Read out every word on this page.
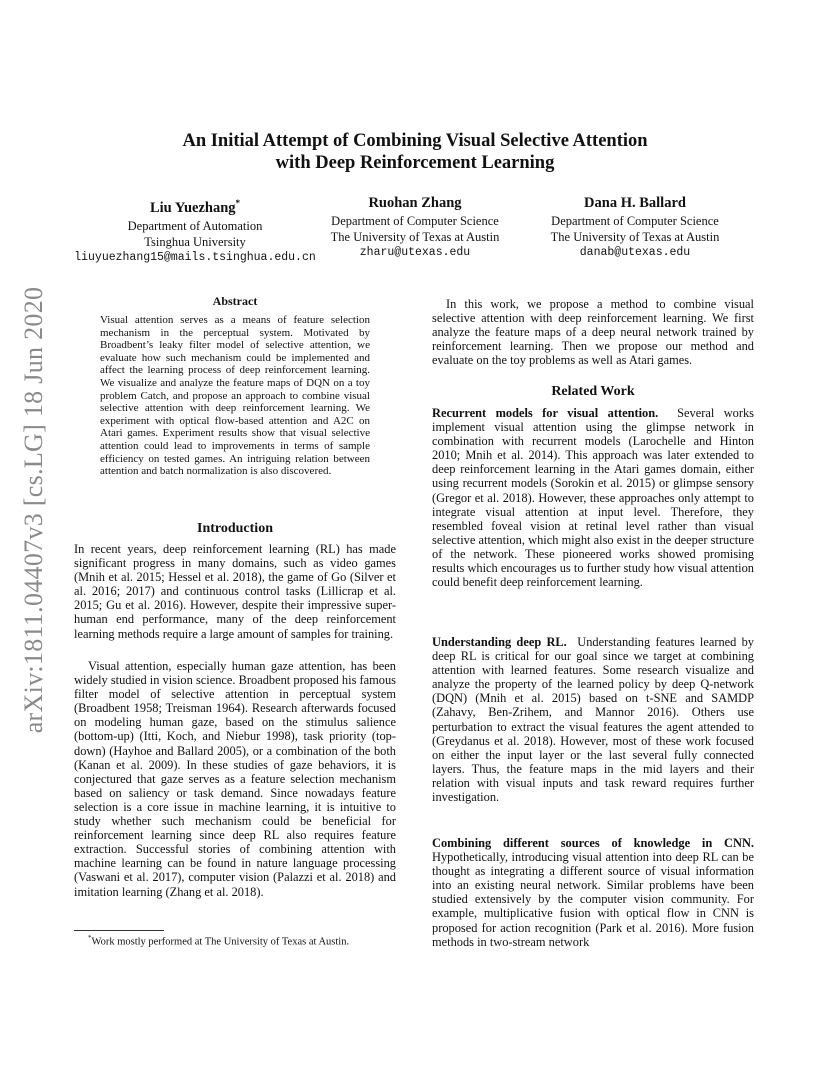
arXiv:1811.04407v3 [cs.LG] 18 Jun 2020
An Initial Attempt of Combining Visual Selective Attention
with Deep Reinforcement Learning
Liu Yuezhang*
Department of Automation
Tsinghua University
liuyuezhang15@mails.tsinghua.edu.cn
Ruohan Zhang
Department of Computer Science
The University of Texas at Austin
zharu@utexas.edu
Dana H. Ballard
Department of Computer Science
The University of Texas at Austin
danab@utexas.edu
Abstract

Visual attention serves as a means of feature selection mechanism in the perceptual system. Motivated by Broadbent’s leaky filter model of selective attention, we evaluate how such mechanism could be implemented and affect the learning process of deep reinforcement learning. We visualize and analyze the feature maps of DQN on a toy problem Catch, and propose an approach to combine visual selective attention with deep reinforcement learning. We experiment with optical flow-based attention and A2C on Atari games. Experiment results show that visual selective attention could lead to improvements in terms of sample efficiency on tested games. An intriguing relation between attention and batch normalization is also discovered.

Introduction

In recent years, deep reinforcement learning (RL) has made significant progress in many domains, such as video games (Mnih et al. 2015; Hessel et al. 2018), the game of Go (Silver et al. 2016; 2017) and continuous control tasks (Lillicrap et al. 2015; Gu et al. 2016). However, despite their impressive super-human end performance, many of the deep reinforcement learning methods require a large amount of samples for training.

Visual attention, especially human gaze attention, has been widely studied in vision science. Broadbent proposed his famous filter model of selective attention in perceptual system (Broadbent 1958; Treisman 1964). Research afterwards focused on modeling human gaze, based on the stimulus salience (bottom-up) (Itti, Koch, and Niebur 1998), task priority (top-down) (Hayhoe and Ballard 2005), or a combination of the both (Kanan et al. 2009). In these studies of gaze behaviors, it is conjectured that gaze serves as a feature selection mechanism based on saliency or task demand. Since nowadays feature selection is a core issue in machine learning, it is intuitive to study whether such mechanism could be beneficial for reinforcement learning since deep RL also requires feature extraction. Successful stories of combining attention with machine learning can be found in nature language processing (Vaswani et al. 2017), computer vision (Palazzi et al. 2018) and imitation learning (Zhang et al. 2018).

*Work mostly performed at The University of Texas at Austin.

In this work, we propose a method to combine visual selective attention with deep reinforcement learning. We first analyze the feature maps of a deep neural network trained by reinforcement learning. Then we propose our method and evaluate on the toy problems as well as Atari games.

Related Work

Recurrent models for visual attention. Several works implement visual attention using the glimpse network in combination with recurrent models (Larochelle and Hinton 2010; Mnih et al. 2014). This approach was later extended to deep reinforcement learning in the Atari games domain, either using recurrent models (Sorokin et al. 2015) or glimpse sensory (Gregor et al. 2018). However, these approaches only attempt to integrate visual attention at input level. Therefore, they resembled foveal vision at retinal level rather than visual selective attention, which might also exist in the deeper structure of the network. These pioneered works showed promising results which encourages us to further study how visual attention could benefit deep reinforcement learning.

Understanding deep RL. Understanding features learned by deep RL is critical for our goal since we target at combining attention with learned features. Some research visualize and analyze the property of the learned policy by deep Q-network (DQN) (Mnih et al. 2015) based on t-SNE and SAMDP (Zahavy, Ben-Zrihem, and Mannor 2016). Others use perturbation to extract the visual features the agent attended to (Greydanus et al. 2018). However, most of these work focused on either the input layer or the last several fully connected layers. Thus, the feature maps in the mid layers and their relation with visual inputs and task reward requires further investigation.

Combining different sources of knowledge in CNN. Hypothetically, introducing visual attention into deep RL can be thought as integrating a different source of visual information into an existing neural network. Similar problems have been studied extensively by the computer vision community. For example, multiplicative fusion with optical flow in CNN is proposed for action recognition (Park et al. 2016). More fusion methods in two-stream network
